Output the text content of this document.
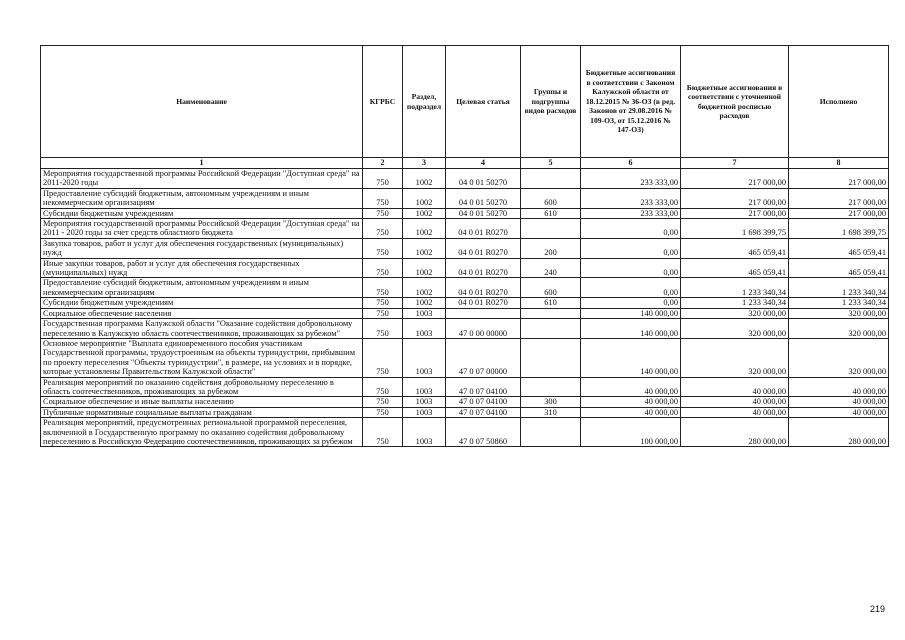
Наименование	КГРБС	Раздел, подраздел	Целевая статья	Группы и подгруппы видов расходов	Бюджетные ассигнования в соответствии с Законом Калужской области от 18.12.2015 № 36-ОЗ (в ред. Законов от 29.08.2016 № 109-ОЗ, от 15.12.2016 № 147-ОЗ)	Бюджетные ассигнования в соответствии с уточненной бюджетной росписью расходов	Исполнено
1	2	3	4	5	6	7	8
Мероприятия государственной программы Российской Федерации "Доступная среда" на 2011-2020 годы	750	1002	04 0 01 50270		233 333,00	217 000,00	217 000,00
Предоставление субсидий бюджетным, автономным учреждениям и иным некоммерческим организациям	750	1002	04 0 01 50270	600	233 333,00	217 000,00	217 000,00
Субсидии бюджетным учреждениям	750	1002	04 0 01 50270	610	233 333,00	217 000,00	217 000,00
Мероприятия государственной программы Российской Федерации "Доступная среда" на 2011 - 2020 годы за счет средств областного бюджета	750	1002	04 0 01 R0270		0,00	1 698 399,75	1 698 399,75
Закупка товаров, работ и услуг для обеспечения государственных (муниципальных) нужд	750	1002	04 0 01 R0270	200	0,00	465 059,41	465 059,41
Иные закупки товаров, работ и услуг для обеспечения государственных (муниципальных) нужд	750	1002	04 0 01 R0270	240	0,00	465 059,41	465 059,41
Предоставление субсидий бюджетным, автономным учреждениям и иным некоммерческим организациям	750	1002	04 0 01 R0270	600	0,00	1 233 340,34	1 233 340,34
Субсидии бюджетным учреждениям	750	1002	04 0 01 R0270	610	0,00	1 233 340,34	1 233 340,34
Социальное обеспечение населения	750	1003			140 000,00	320 000,00	320 000,00
Государственная программа Калужской области "Оказание содействия добровольному переселению в Калужскую область соотечественников, проживающих за рубежом"	750	1003	47 0 00 00000		140 000,00	320 000,00	320 000,00
Основное мероприятие "Выплата единовременного пособия участникам Государственной программы, трудоустроенным на объекты туриндустрии, прибывшим по проекту переселения "Объекты туриндустрии", в размере, на условиях и в порядке, которые установлены Правительством Калужской области"	750	1003	47 0 07 00000		140 000,00	320 000,00	320 000,00
Реализация мероприятий по оказанию содействия добровольному переселению в область соотечественников, проживающих за рубежом	750	1003	47 0 07 04100		40 000,00	40 000,00	40 000,00
Социальное обеспечение и иные выплаты населению	750	1003	47 0 07 04100	300	40 000,00	40 000,00	40 000,00
Публичные нормативные социальные выплаты гражданам	750	1003	47 0 07 04100	310	40 000,00	40 000,00	40 000,00
Реализация мероприятий, предусмотренных региональной программой переселения, включенной в Государственную программу по оказанию содействия добровольному переселению в Российскую Федерацию соотечественников, проживающих за рубежом	750	1003	47 0 07 50860		100 000,00	280 000,00	280 000,00
219
